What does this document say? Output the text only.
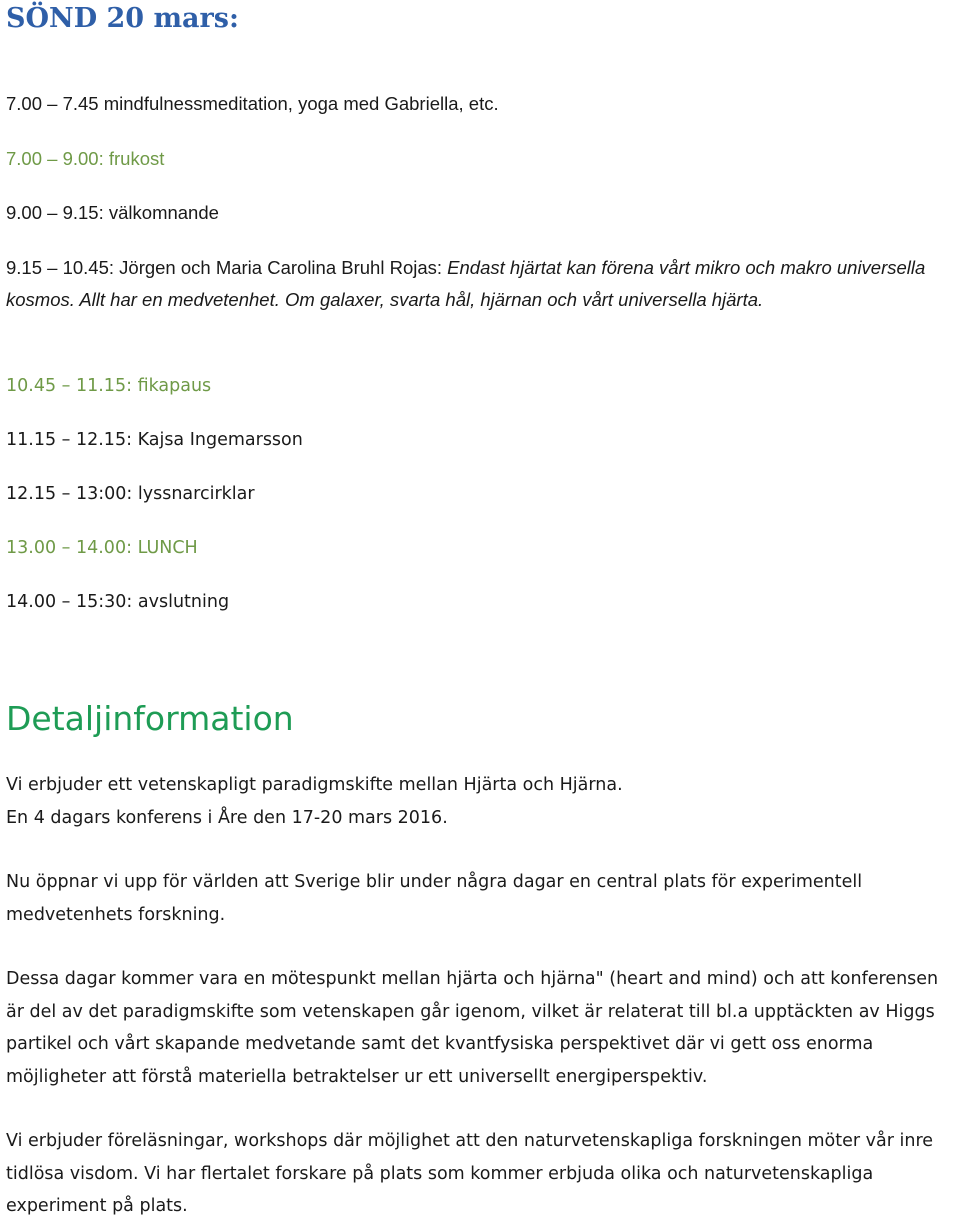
SÖND 20 mars:
7.00 – 7.45 mindfulnessmeditation, yoga med Gabriella, etc.
7.00 – 9.00: frukost
9.00 – 9.15: välkomnande
9.15 – 10.45: Jörgen och Maria Carolina Bruhl Rojas: Endast hjärtat kan förena vårt mikro och makro universella kosmos. Allt har en medvetenhet. Om galaxer, svarta hål, hjärnan och vårt universella hjärta.
10.45 – 11.15: fikapaus
11.15 – 12.15: Kajsa Ingemarsson
12.15 – 13:00: lyssnarcirklar
13.00 – 14.00: LUNCH
14.00 – 15:30: avslutning
Detaljinformation

Vi erbjuder ett vetenskapligt paradigmskifte mellan Hjärta och Hjärna.
En 4 dagars konferens i Åre den 17-20 mars 2016.

Nu öppnar vi upp för världen att Sverige blir under några dagar en central plats för experimentell medvetenhets forskning.

Dessa dagar kommer vara en mötespunkt mellan hjärta och hjärna" (heart and mind) och att konferensen är del av det paradigmskifte som vetenskapen går igenom, vilket är relaterat till bl.a upptäckten av Higgs partikel och vårt skapande medvetande samt det kvantfysiska perspektivet där vi gett oss enorma möjligheter att förstå materiella betraktelser ur ett universellt energiperspektiv.

Vi erbjuder föreläsningar, workshops där möjlighet att den naturvetenskapliga forskningen möter vår inre tidlösa visdom. Vi har flertalet forskare på plats som kommer erbjuda olika och naturvetenskapliga experiment på plats.
